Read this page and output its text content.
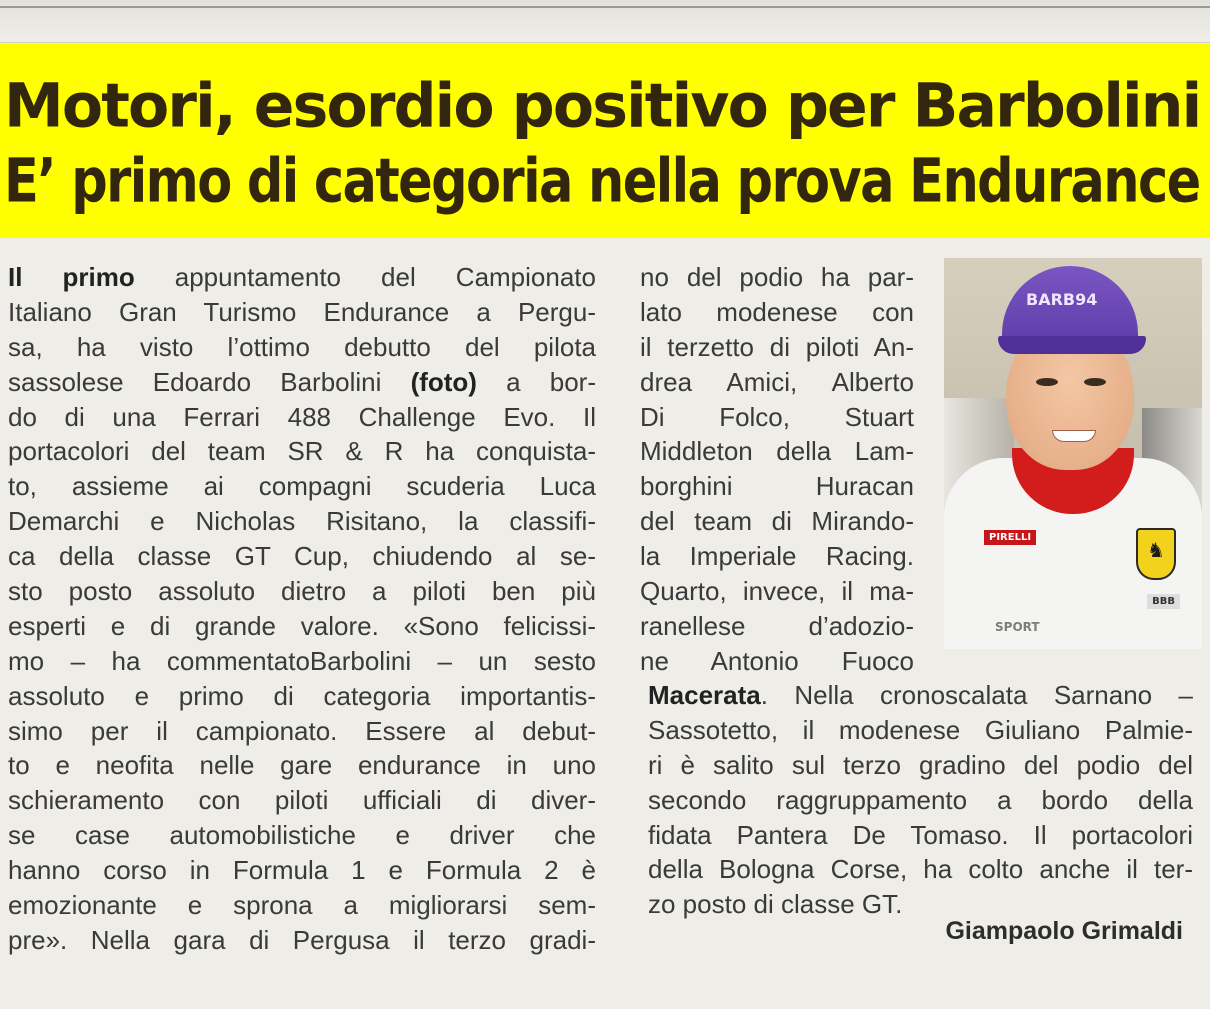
Motori, esordio positivo per Barbolini
E’ primo di categoria nella prova Endurance
Il primo appuntamento del Campionato
Italiano Gran Turismo Endurance a Pergu-
sa, ha visto l’ottimo debutto del pilota
sassolese Edoardo Barbolini (foto) a bor-
do di una Ferrari 488 Challenge Evo. Il
portacolori del team SR & R ha conquista-
to, assieme ai compagni scuderia Luca
Demarchi e Nicholas Risitano, la classifi-
ca della classe GT Cup, chiudendo al se-
sto posto assoluto dietro a piloti ben più
esperti e di grande valore. «Sono felicissi-
mo – ha commentatoBarbolini – un sesto
assoluto e primo di categoria importantis-
simo per il campionato. Essere al debut-
to e neofita nelle gare endurance in uno
schieramento con piloti ufficiali di diver-
se case automobilistiche e driver che
hanno corso in Formula 1 e Formula 2 è
emozionante e sprona a migliorarsi sem-
pre». Nella gara di Pergusa il terzo gradi-
no del podio ha par-
lato modenese con
il terzetto di piloti An-
drea Amici, Alberto
Di Folco, Stuart
Middleton della Lam-
borghini Huracan
del team di Mirando-
la Imperiale Racing.
Quarto, invece, il ma-
ranellese d’adozio-
ne Antonio Fuoco
Macerata. Nella cronoscalata Sarnano –
Sassotetto, il modenese Giuliano Palmie-
ri è salito sul terzo gradino del podio del
secondo raggruppamento a bordo della
fidata Pantera De Tomaso. Il portacolori
della Bologna Corse, ha colto anche il ter-
zo posto di classe GT.
BARB94
PIRELLI
SPORT
♞
BBB
Giampaolo Grimaldi
